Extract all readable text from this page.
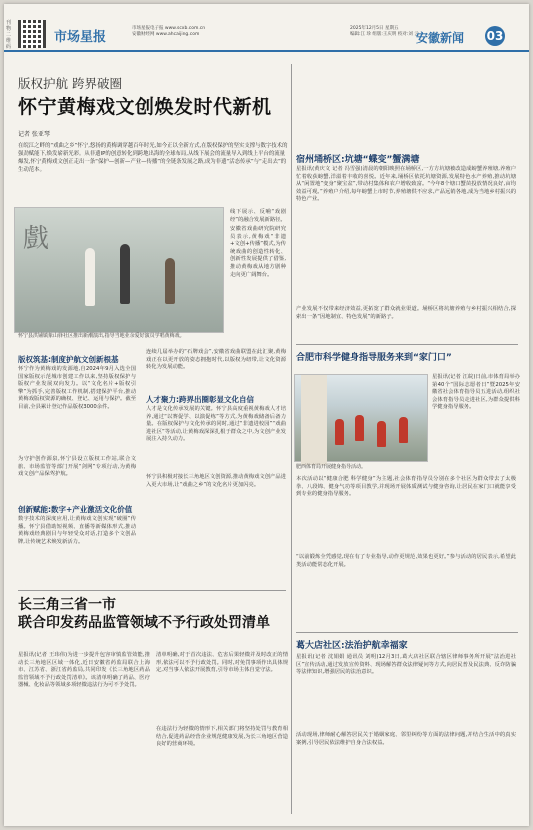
刊物二维码
市场星报
市场星报电子报 www.scxb.com.cn
安徽财经网 www.ahcaijing.com
2025年12月5日 星期五
编辑:江 珍 组版:王庆明 校对:刘 云
安徽新闻 03
版权护航 跨界破圈
怀宁黄梅戏文创焕发时代新机
记者 张亚琴
在皖江之畔的“戏曲之乡”怀宁,悠扬的黄梅调穿越百年时光,如今正以全新方式,在版权保护的坚实支撑与数字技术的强劲赋能下,焕发崭新光彩。从非遗IP的创意转化到跨地出海的全球布局,从线下展会的流量导入到线上平台的流量爆发,怀宁黄梅戏文创正走出一条“保护—创新—产业—传播”的全链条发展之路,成为非遗“活态传承”与“走出去”的生动范本。
戲
怀宁县洪铺镇象山驿社区推出新潮演出,指导当地业余爱好演员学唱黄梅戏。
版权筑基:制度护航文创新根基
怀宁作为黄梅戏的发源地,自2024年9月入选全国国家版权示范城市创建工作以来,坚持版权保护与版权产业发展双向发力。以“文化名片+版权引擎”为抓手,完善版权工作机制,搭建保护平台,推动黄梅戏版权资源的确权、登记、运用与保护。截至目前,全县累计登记作品版权3000余件。
为守护创作源泉,怀宁县设立版权工作站,联合文旅、市场监管等部门开展“剑网”专项行动,为黄梅戏文创产品保驾护航。
创新赋能:数字+产业激活文化价值
数字技术的深度应用,让黄梅戏文创实现“破圈”传播。怀宁县借助短视频、直播等新媒体形式,推动黄梅戏经典剧目与年轻受众对话,打造多个文创品牌,让传统艺术焕发新活力。
线下展示、反哺“戏剧经”的融合发展新路径。
安徽省戏曲研究院研究员表示,黄梅戏“非遗+文创+传播”模式,为传统戏曲的创造性转化、创新性发展提供了借鉴,推动黄梅戏从地方剧种走向更广阔舞台。
连续几届举办的“石牌戏会”,安徽省戏曲联盟在此汇聚,黄梅戏正在以更开放的姿态拥抱时代,以版权为纽带,让文化资源转化为发展动能。
人才聚力:跨界出圈彰显文化自信
人才是文化传承发展的关键。怀宁县高度重视黄梅戏人才培养,通过“以赛促学、以演促练”等方式,为黄梅戏储备后备力量。在版权保护与文化传承的同时,通过“非遗进校园”“戏曲进社区”等活动,让黄梅戏深深扎根于群众之中,为文创产业发展注入持久动力。
怀宁县积极对接长三角地区文创资源,推动黄梅戏文创产品进入更大市场,让“戏曲之乡”的文化名片更加闪亮。
长三角三省一市
联合印发药品监管领域不予行政处罚清单
星报讯(记者 王玮伟)为进一步提升包容审慎监管效能,推动长三角地区区域一体化,近日安徽省药监局联合上海市、江苏省、浙江省药监局,共同印发《长三角地区药品监管领域不予行政处罚清单》。该清单明确了药品、医疗器械、化妆品等领域多项轻微违法行为可不予处罚。
清单明确,对于首次违法、危害后果轻微并及时改正的情形,依法可以不予行政处罚。同时,对免罚事项作出具体规定,对当事人依法开展教育,引导市场主体自觉守法。
在违法行为轻微的情形下,相关部门将坚持处罚与教育相结合,促进药品经营企业规范健康发展,为长三角地区营造良好的营商环境。
宿州埇桥区:坑塘“蝶变”蟹满塘
星报讯(黄庆文 记者 冯雪强)清晨的朝阳映照在埇桥区,一方方坑塘被改造成螃蟹养殖塘,养殖户忙着收获螃蟹,洋溢着丰收的喜悦。近年来,埇桥区依托坑塘资源,发展特色水产养殖,推动坑塘从“闲置地”变身“聚宝盆”,带动村集体和农户增收致富。“今年8个塘口蟹苗投放情况良好,亩均效益可观。”养殖户介绍,每年螃蟹上市时节,养殖塘供不应求,产品远销各地,成为当地乡村振兴的特色产业。
产业发展不仅带来经济效益,更拓宽了群众就业渠道。埇桥区将坑塘养殖与乡村振兴相结合,探索出一条“因地制宜、特色发展”的新路子。
合肥市科学健身指导服务来到“家门口”
星报讯(记者 江皖)日前,市体育局举办第40个“国际志愿者日”暨2025年安徽省社会体育指导员五进活动,组织社会体育指导员走进社区,为群众提供科学健身指导服务。
肥西体育局开展健身指导活动。
本次活动以“健康合肥 科学健身”为主题,社会体育指导员分别在多个社区为群众带去了太极拳、八段锦、健身气功等项目教学,并现场开展体质测试与健身咨询,让居民在家门口就能享受到专业的健身指导服务。
“以前锻炼全凭感觉,现在有了专业指导,动作更规范,效果也更好。”参与活动的居民表示,希望此类活动能常态化开展。
葛大店社区:法治护航幸福家
星报讯(记者 沈娟娟 通讯员 刘明)12月3日,葛大店社区联合辖区律师事务所开展“法治进社区”宣传活动,通过发放宣传资料、现场解答群众法律疑问等方式,向居民普及民法典、反诈防骗等法律知识,增强居民的法治意识。
活动现场,律师耐心解答居民关于婚姻家庭、邻里纠纷等方面的法律问题,并结合生活中的真实案例,引导居民依法维护自身合法权益。
